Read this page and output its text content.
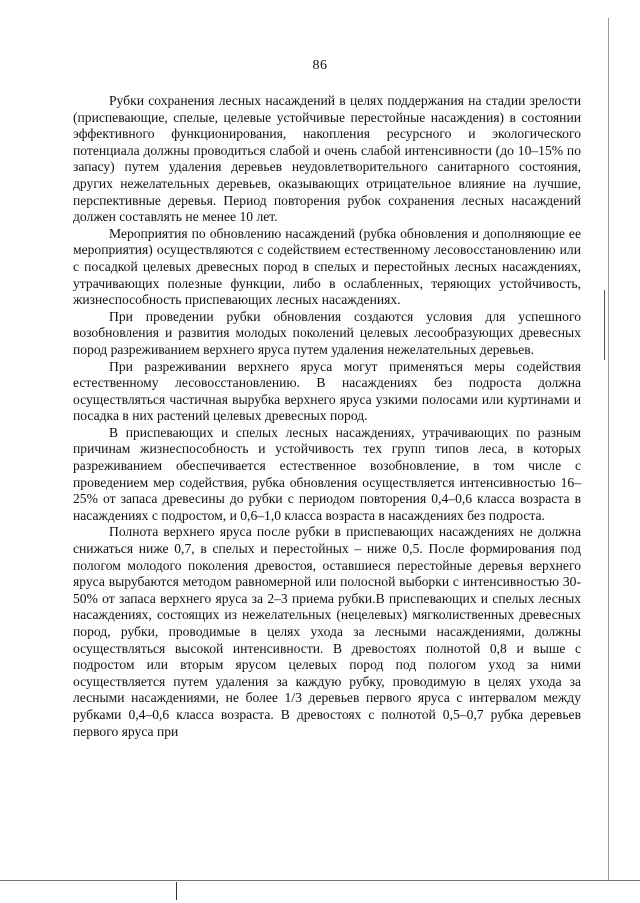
86

Рубки сохранения лесных насаждений в целях поддержания на стадии зрелости (приспевающие, спелые, целевые устойчивые перестойные насаждения) в состоянии эффективного функционирования, накопления ресурсного и экологического потенциала должны проводиться слабой и очень слабой интенсивности (до 10–15% по запасу) путем удаления деревьев неудовлетворительного санитарного состояния, других нежелательных деревьев, оказывающих отрицательное влияние на лучшие, перспективные деревья. Период повторения рубок сохранения лесных насаждений должен составлять не менее 10 лет.

Мероприятия по обновлению насаждений (рубка обновления и дополняющие ее мероприятия) осуществляются с содействием естественному лесовосстановлению или с посадкой целевых древесных пород в спелых и перестойных лесных насаждениях, утрачивающих полезные функции, либо в ослабленных, теряющих устойчивость, жизнеспособность приспевающих лесных насаждениях.

При проведении рубки обновления создаются условия для успешного возобновления и развития молодых поколений целевых лесообразующих древесных пород разреживанием верхнего яруса путем удаления нежелательных деревьев.

При разреживании верхнего яруса могут применяться меры содействия естественному лесовосстановлению. В насаждениях без подроста должна осуществляться частичная вырубка верхнего яруса узкими полосами или куртинами и посадка в них растений целевых древесных пород.

В приспевающих и спелых лесных насаждениях, утрачивающих по разным причинам жизнеспособность и устойчивость тех групп типов леса, в которых разреживанием обеспечивается естественное возобновление, в том числе с проведением мер содействия, рубка обновления осуществляется интенсивностью 16–25% от запаса древесины до рубки с периодом повторения 0,4–0,6 класса возраста в насаждениях с подростом, и 0,6–1,0 класса возраста в насаждениях без подроста.

Полнота верхнего яруса после рубки в приспевающих насаждениях не должна снижаться ниже 0,7, в спелых и перестойных – ниже 0,5. После формирования под пологом молодого поколения древостоя, оставшиеся перестойные деревья верхнего яруса вырубаются методом равномерной или полосной выборки с интенсивностью 30-50% от запаса верхнего яруса за 2–3 приема рубки.В приспевающих и спелых лесных насаждениях, состоящих из нежелательных (нецелевых) мягколиственных древесных пород, рубки, проводимые в целях ухода за лесными насаждениями, должны осуществляться высокой интенсивности. В древостоях полнотой 0,8 и выше с подростом или вторым ярусом целевых пород под пологом уход за ними осуществляется путем удаления за каждую рубку, проводимую в целях ухода за лесными насаждениями, не более 1/3 деревьев первого яруса с интервалом между рубками 0,4–0,6 класса возраста. В древостоях с полнотой 0,5–0,7 рубка деревьев первого яруса при
